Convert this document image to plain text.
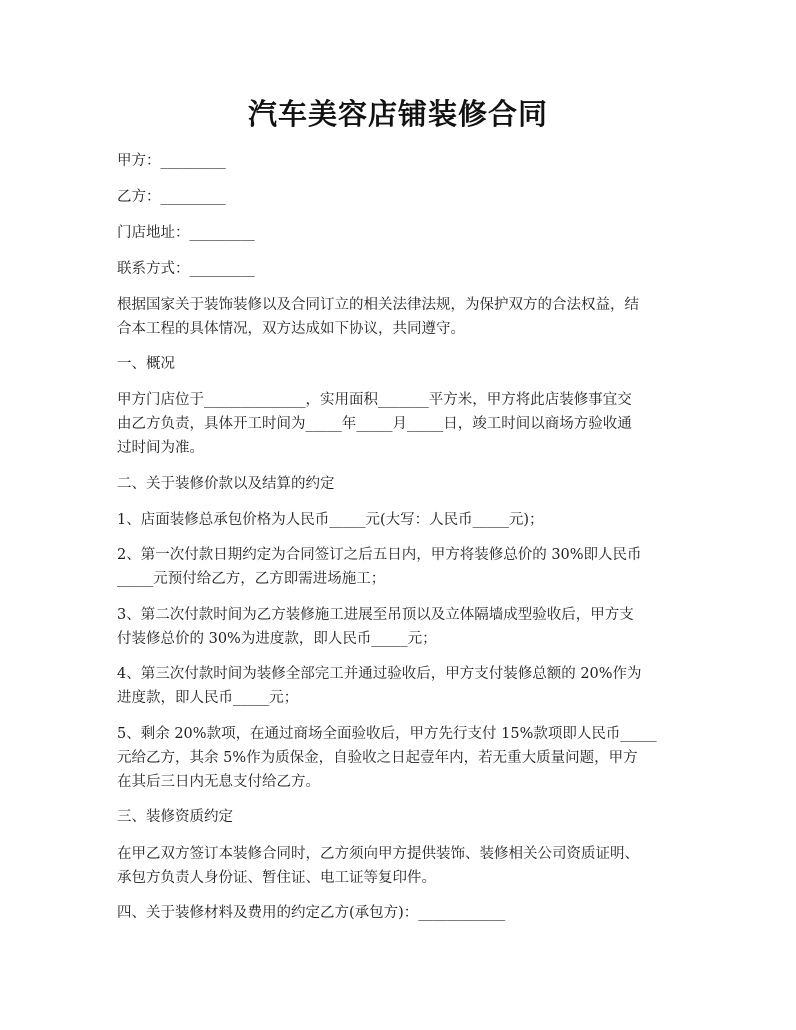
汽车美容店铺装修合同
甲方：_________
乙方：_________
门店地址：_________
联系方式：_________
根据国家关于装饰装修以及合同订立的相关法律法规，为保护双方的合法权益，结
合本工程的具体情况，双方达成如下协议，共同遵守。
一、概况
甲方门店位于______________，实用面积_______平方米，甲方将此店装修事宜交
由乙方负责，具体开工时间为_____年_____月_____日，竣工时间以商场方验收通
过时间为准。
二、关于装修价款以及结算的约定
1、店面装修总承包价格为人民币_____元(大写：人民币_____元)；
2、第一次付款日期约定为合同签订之后五日内，甲方将装修总价的 30%即人民币
_____元预付给乙方，乙方即需进场施工；
3、第二次付款时间为乙方装修施工进展至吊顶以及立体隔墙成型验收后，甲方支
付装修总价的 30%为进度款，即人民币_____元；
4、第三次付款时间为装修全部完工并通过验收后，甲方支付装修总额的 20%作为
进度款，即人民币_____元；
5、剩余 20%款项，在通过商场全面验收后，甲方先行支付 15%款项即人民币_____
元给乙方，其余 5%作为质保金，自验收之日起壹年内，若无重大质量问题，甲方
在其后三日内无息支付给乙方。
三、装修资质约定
在甲乙双方签订本装修合同时，乙方须向甲方提供装饰、装修相关公司资质证明、
承包方负责人身份证、暂住证、电工证等复印件。
四、关于装修材料及费用的约定乙方(承包方)：____________
